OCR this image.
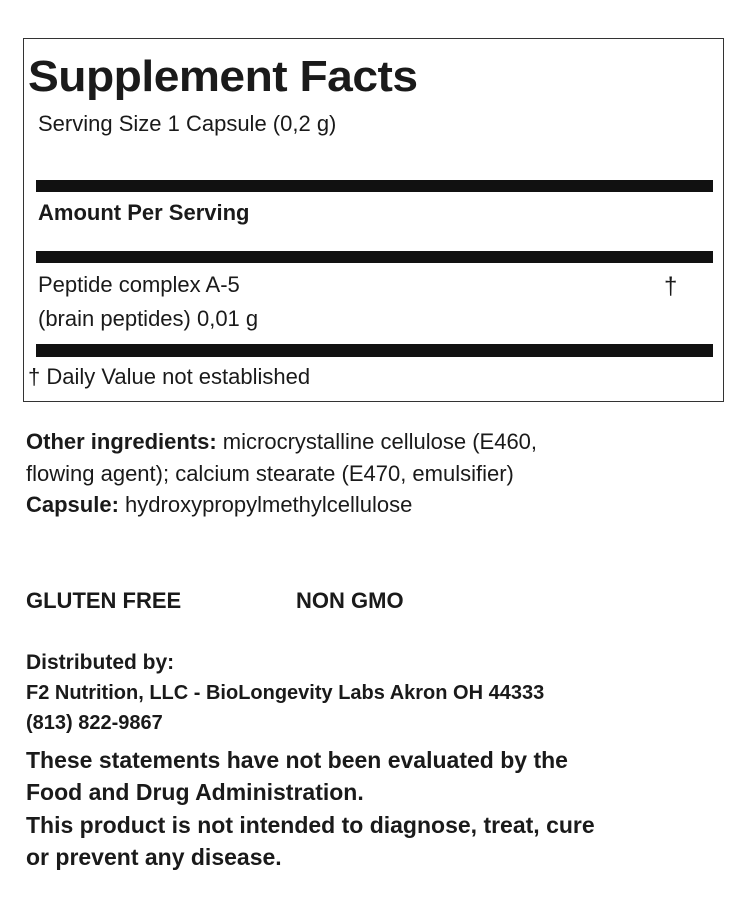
Supplement Facts
Serving Size 1 Capsule (0,2 g)
Amount Per Serving
Peptide complex A-5
(brain peptides) 0,01 g
†
† Daily Value not established
Other ingredients: microcrystalline cellulose (E460,
flowing agent); calcium stearate (E470, emulsifier)
Capsule: hydroxypropylmethylcellulose
GLUTEN FREE	NON GMO
Distributed by:
F2 Nutrition, LLC - BioLongevity Labs Akron OH 44333
(813) 822-9867
These statements have not been evaluated by the
Food and Drug Administration.
This product is not intended to diagnose, treat, cure
or prevent any disease.
